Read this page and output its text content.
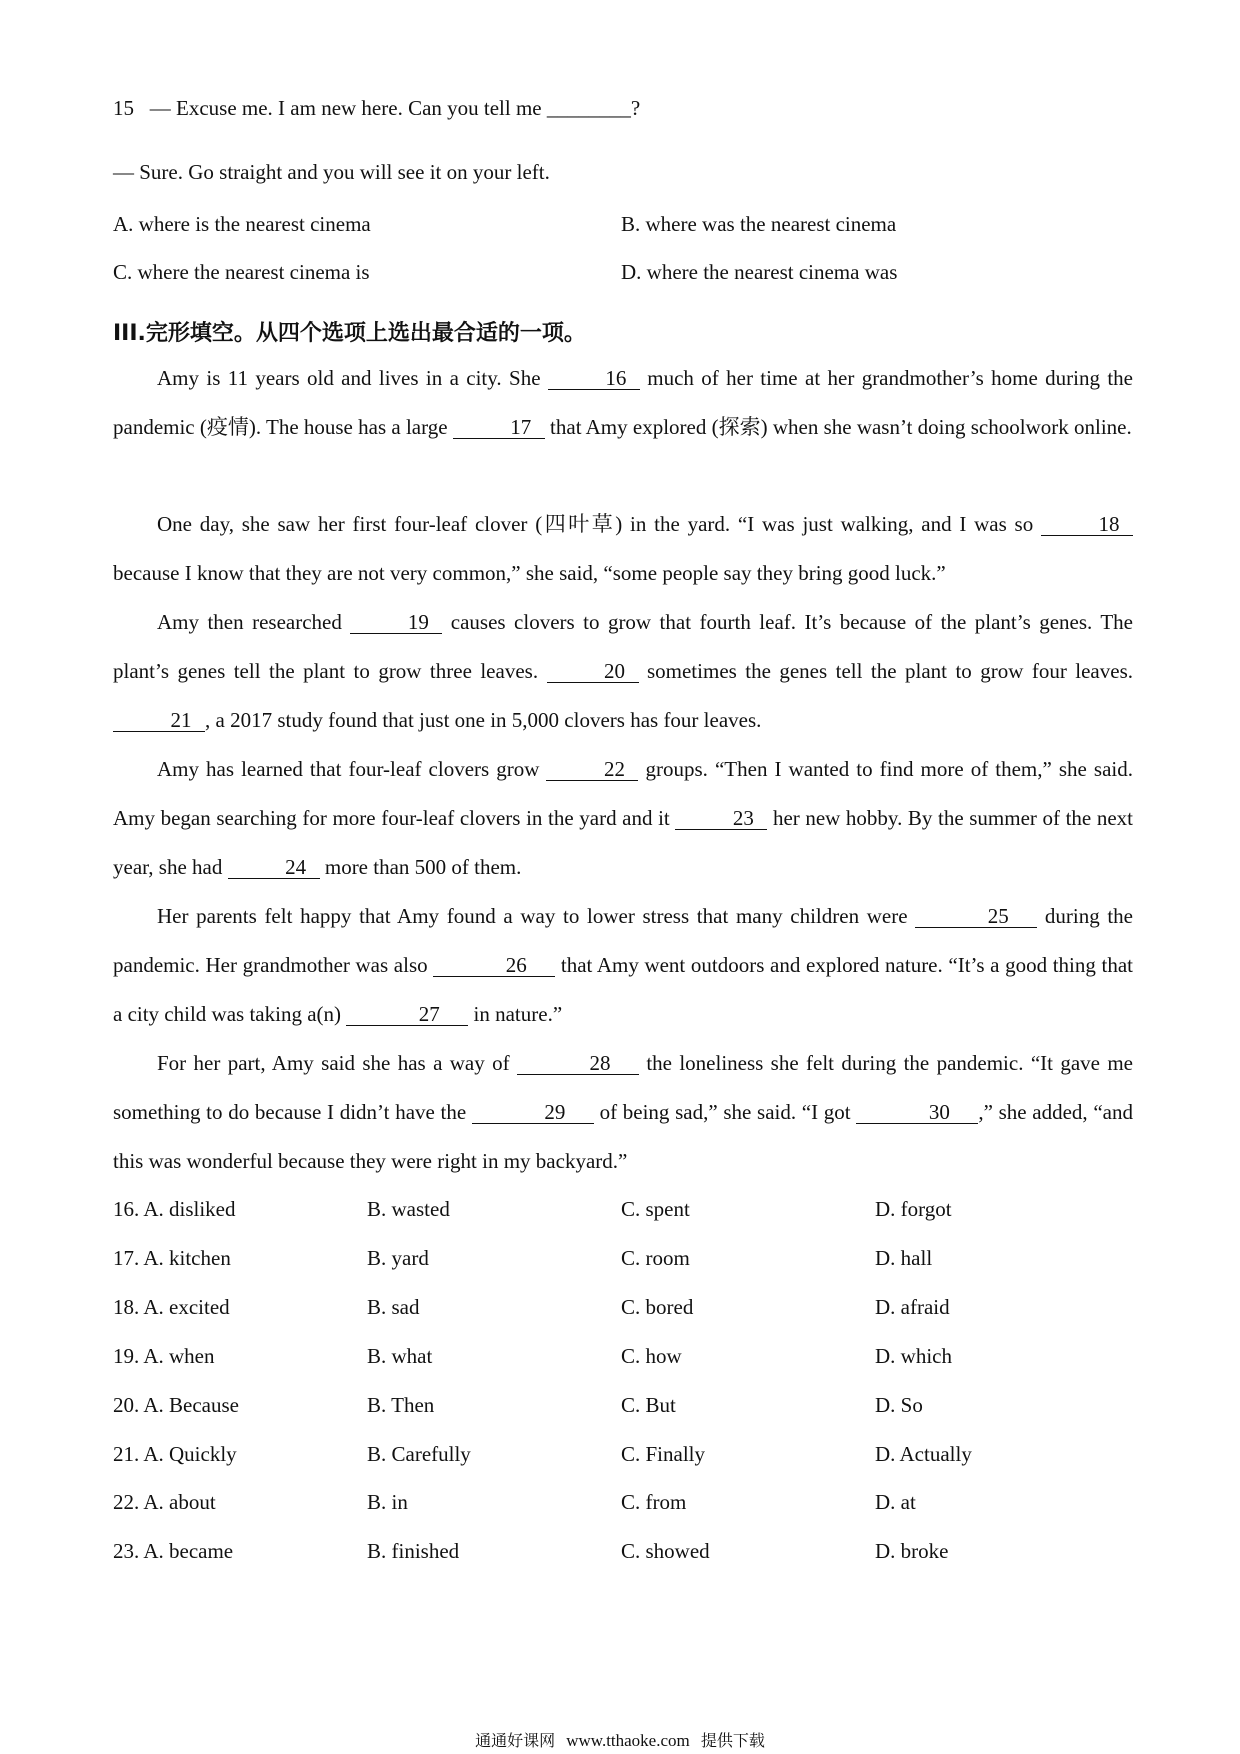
15 — Excuse me. I am new here. Can you tell me ________?
— Sure. Go straight and you will see it on your left.
A. where is the nearest cinema	B. where was the nearest cinema
C. where the nearest cinema is	D. where the nearest cinema was
III.完形填空。从四个选项上选出最合适的一项。
Amy is 11 years old and lives in a city. She	16 much of her time at her grandmother’s home during the pandemic (疫情). The house has a large	17 that Amy explored (探索) when she wasn’t doing schoolwork online.
One day, she saw her first four-leaf clover (四叶草) in the yard. “I was just walking, and I was so	18 because I know that they are not very common,” she said, “some people say they bring good luck.”
Amy then researched	19 causes clovers to grow that fourth leaf. It’s because of the plant’s genes. The plant’s genes tell the plant to grow three leaves.	20 sometimes the genes tell the plant to grow four leaves. 21 , a 2017 study found that just one in 5,000 clovers has four leaves.
Amy has learned that four-leaf clovers grow	22 groups. “Then I wanted to find more of them,” she said. Amy began searching for more four-leaf clovers in the yard and it	23 her new hobby. By the summer of the next year, she had	24 more than 500 of them.
Her parents felt happy that Amy found a way to lower stress that many children were	25 during the pandemic. Her grandmother was also	26 that Amy went outdoors and explored nature. “It’s a good thing that a city child was taking a(n)	27 in nature.”
For her part, Amy said she has a way of	28 the loneliness she felt during the pandemic. “It gave me something to do because I didn’t have the	29 of being sad,” she said. “I got	30 ,” she added, “and this was wonderful because they were right in my backyard.”
16. A. disliked	B. wasted	C. spent	D. forgot
17. A. kitchen	B. yard	C. room	D. hall
18. A. excited	B. sad	C. bored	D. afraid
19. A. when	B. what	C. how	D. which
20. A. Because	B. Then	C. But	D. So
21. A. Quickly	B. Carefully	C. Finally	D. Actually
22. A. about	B. in	C. from	D. at
23. A. became	B. finished	C. showed	D. broke
通通好课网 www.tthaoke.com 提供下载
